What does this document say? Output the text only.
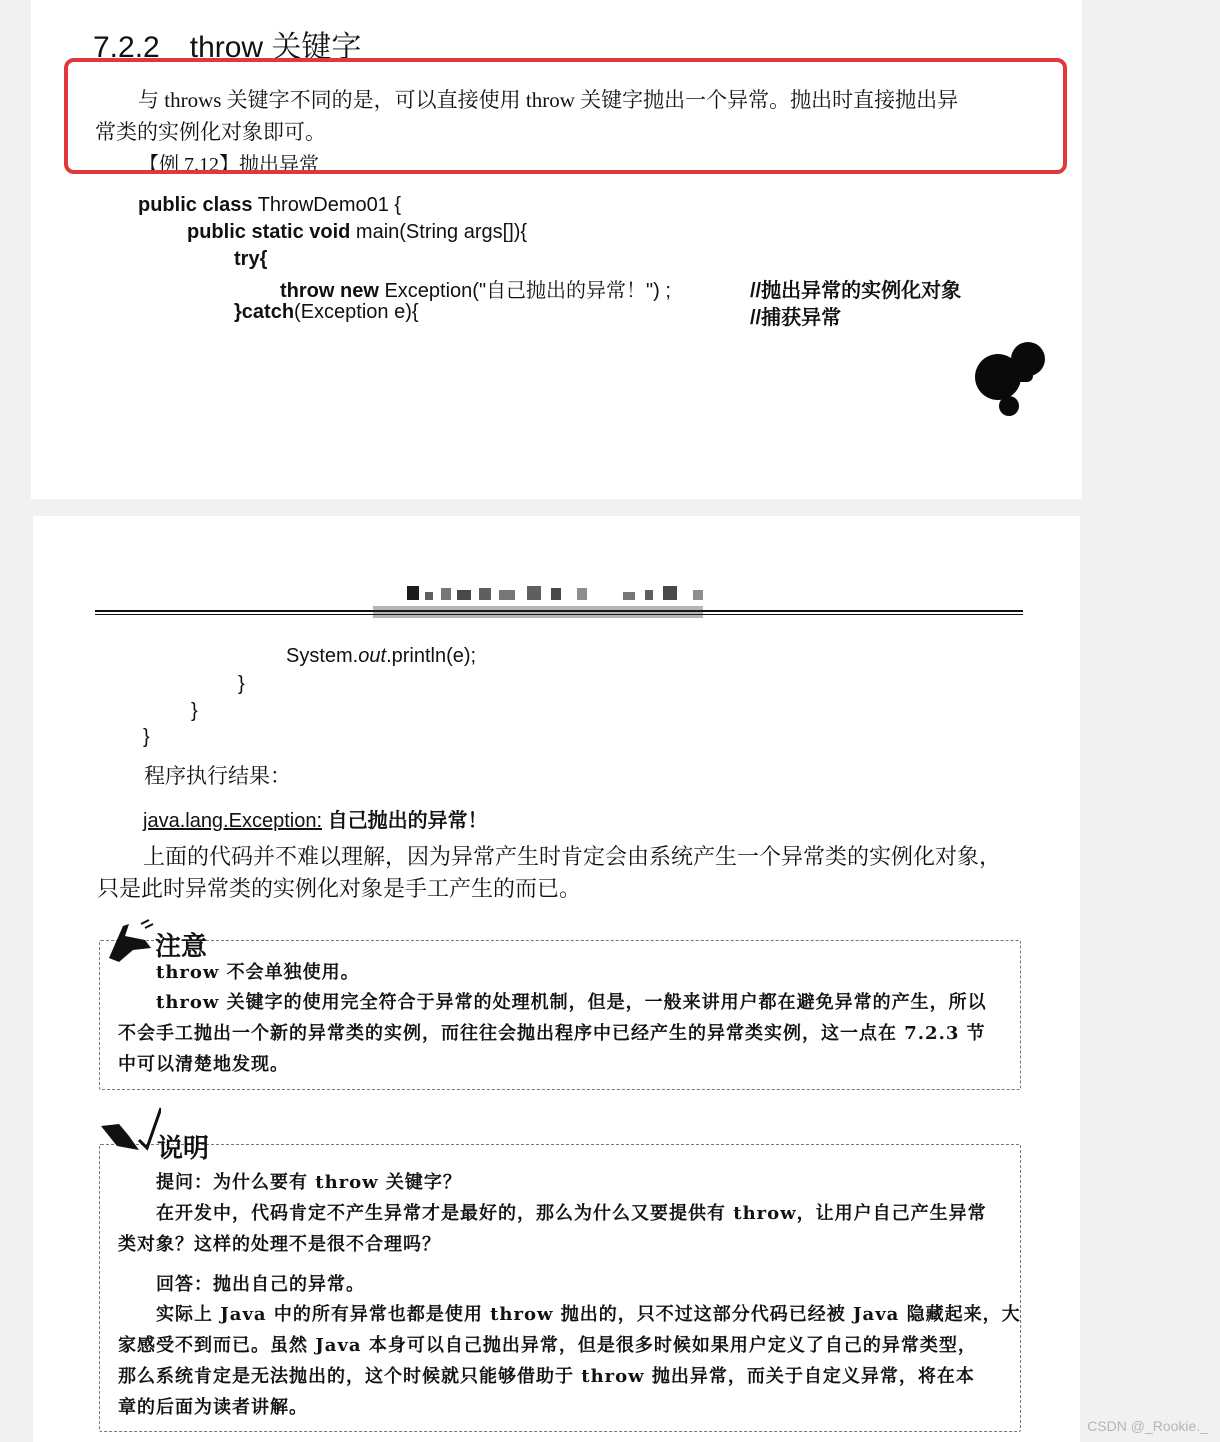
7.2.2 throw 关键字
与 throws 关键字不同的是，可以直接使用 throw 关键字抛出一个异常。抛出时直接抛出异
常类的实例化对象即可。
【例 7.12】抛出异常
public class ThrowDemo01 {
public static void main(String args[]){
try{
throw new Exception("自己抛出的异常！") ;	//抛出异常的实例化对象
}catch(Exception e){	//捕获异常
System.out.println(e);
}
}
}
程序执行结果：
java.lang.Exception: 自己抛出的异常！
上面的代码并不难以理解，因为异常产生时肯定会由系统产生一个异常类的实例化对象，
只是此时异常类的实例化对象是手工产生的而已。
注意
throw 不会单独使用。
throw 关键字的使用完全符合于异常的处理机制，但是，一般来讲用户都在避免异常的产生，所以
不会手工抛出一个新的异常类的实例，而往往会抛出程序中已经产生的异常类实例，这一点在 7.2.3 节
中可以清楚地发现。
说明
提问：为什么要有 throw 关键字？
在开发中，代码肯定不产生异常才是最好的，那么为什么又要提供有 throw，让用户自己产生异常
类对象？这样的处理不是很不合理吗？
回答：抛出自己的异常。
实际上 Java 中的所有异常也都是使用 throw 抛出的，只不过这部分代码已经被 Java 隐藏起来，大
家感受不到而已。虽然 Java 本身可以自己抛出异常，但是很多时候如果用户定义了自己的异常类型，
那么系统肯定是无法抛出的，这个时候就只能够借助于 throw 抛出异常，而关于自定义异常，将在本
章的后面为读者讲解。
CSDN @_Rookie._
